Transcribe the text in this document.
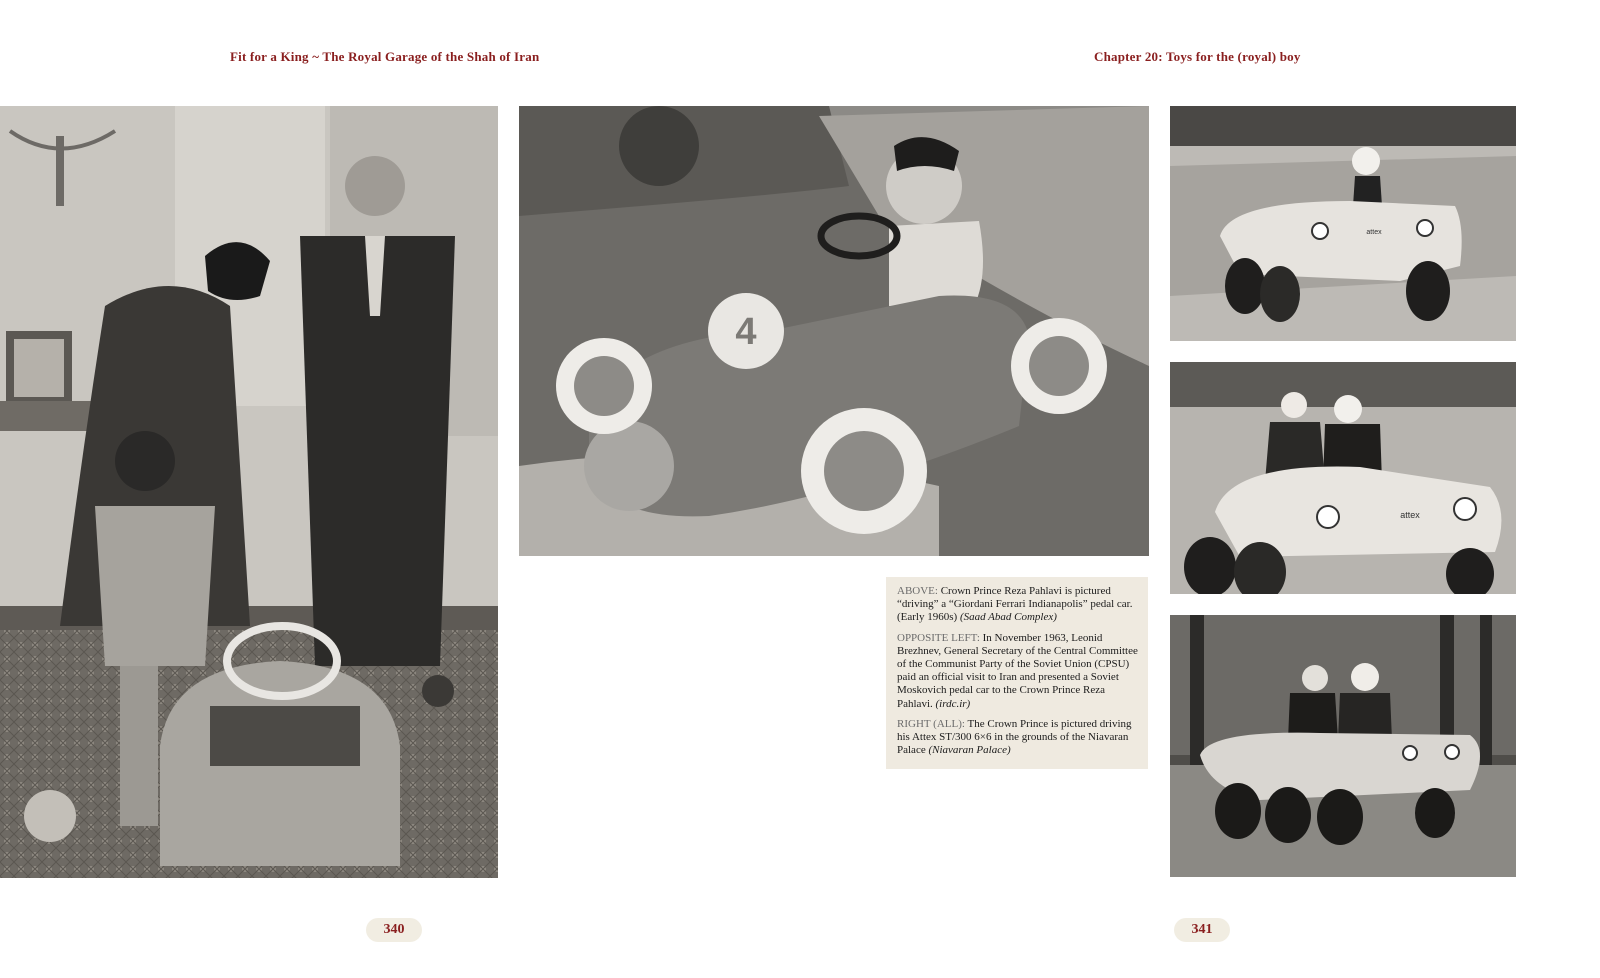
Fit for a King ~ The Royal Garage of the Shah of Iran	Chapter 20: Toys for the (royal) boy
4

ABOVE: Crown Prince Reza Pahlavi is pictured “driving” a “Giordani Ferrari Indianapolis” pedal car. (Early 1960s) (Saad Abad Complex)

OPPOSITE LEFT: In November 1963, Leonid Brezhnev, General Secretary of the Central Committee of the Communist Party of the Soviet Union (CPSU) paid an official visit to Iran and presented a Soviet Moskovich pedal car to the Crown Prince Reza Pahlavi. (irdc.ir)

RIGHT (ALL): The Crown Prince is pictured driving his Attex ST/300 6×6 in the grounds of the Niavaran Palace (Niavaran Palace)

attex
attex
340	341
